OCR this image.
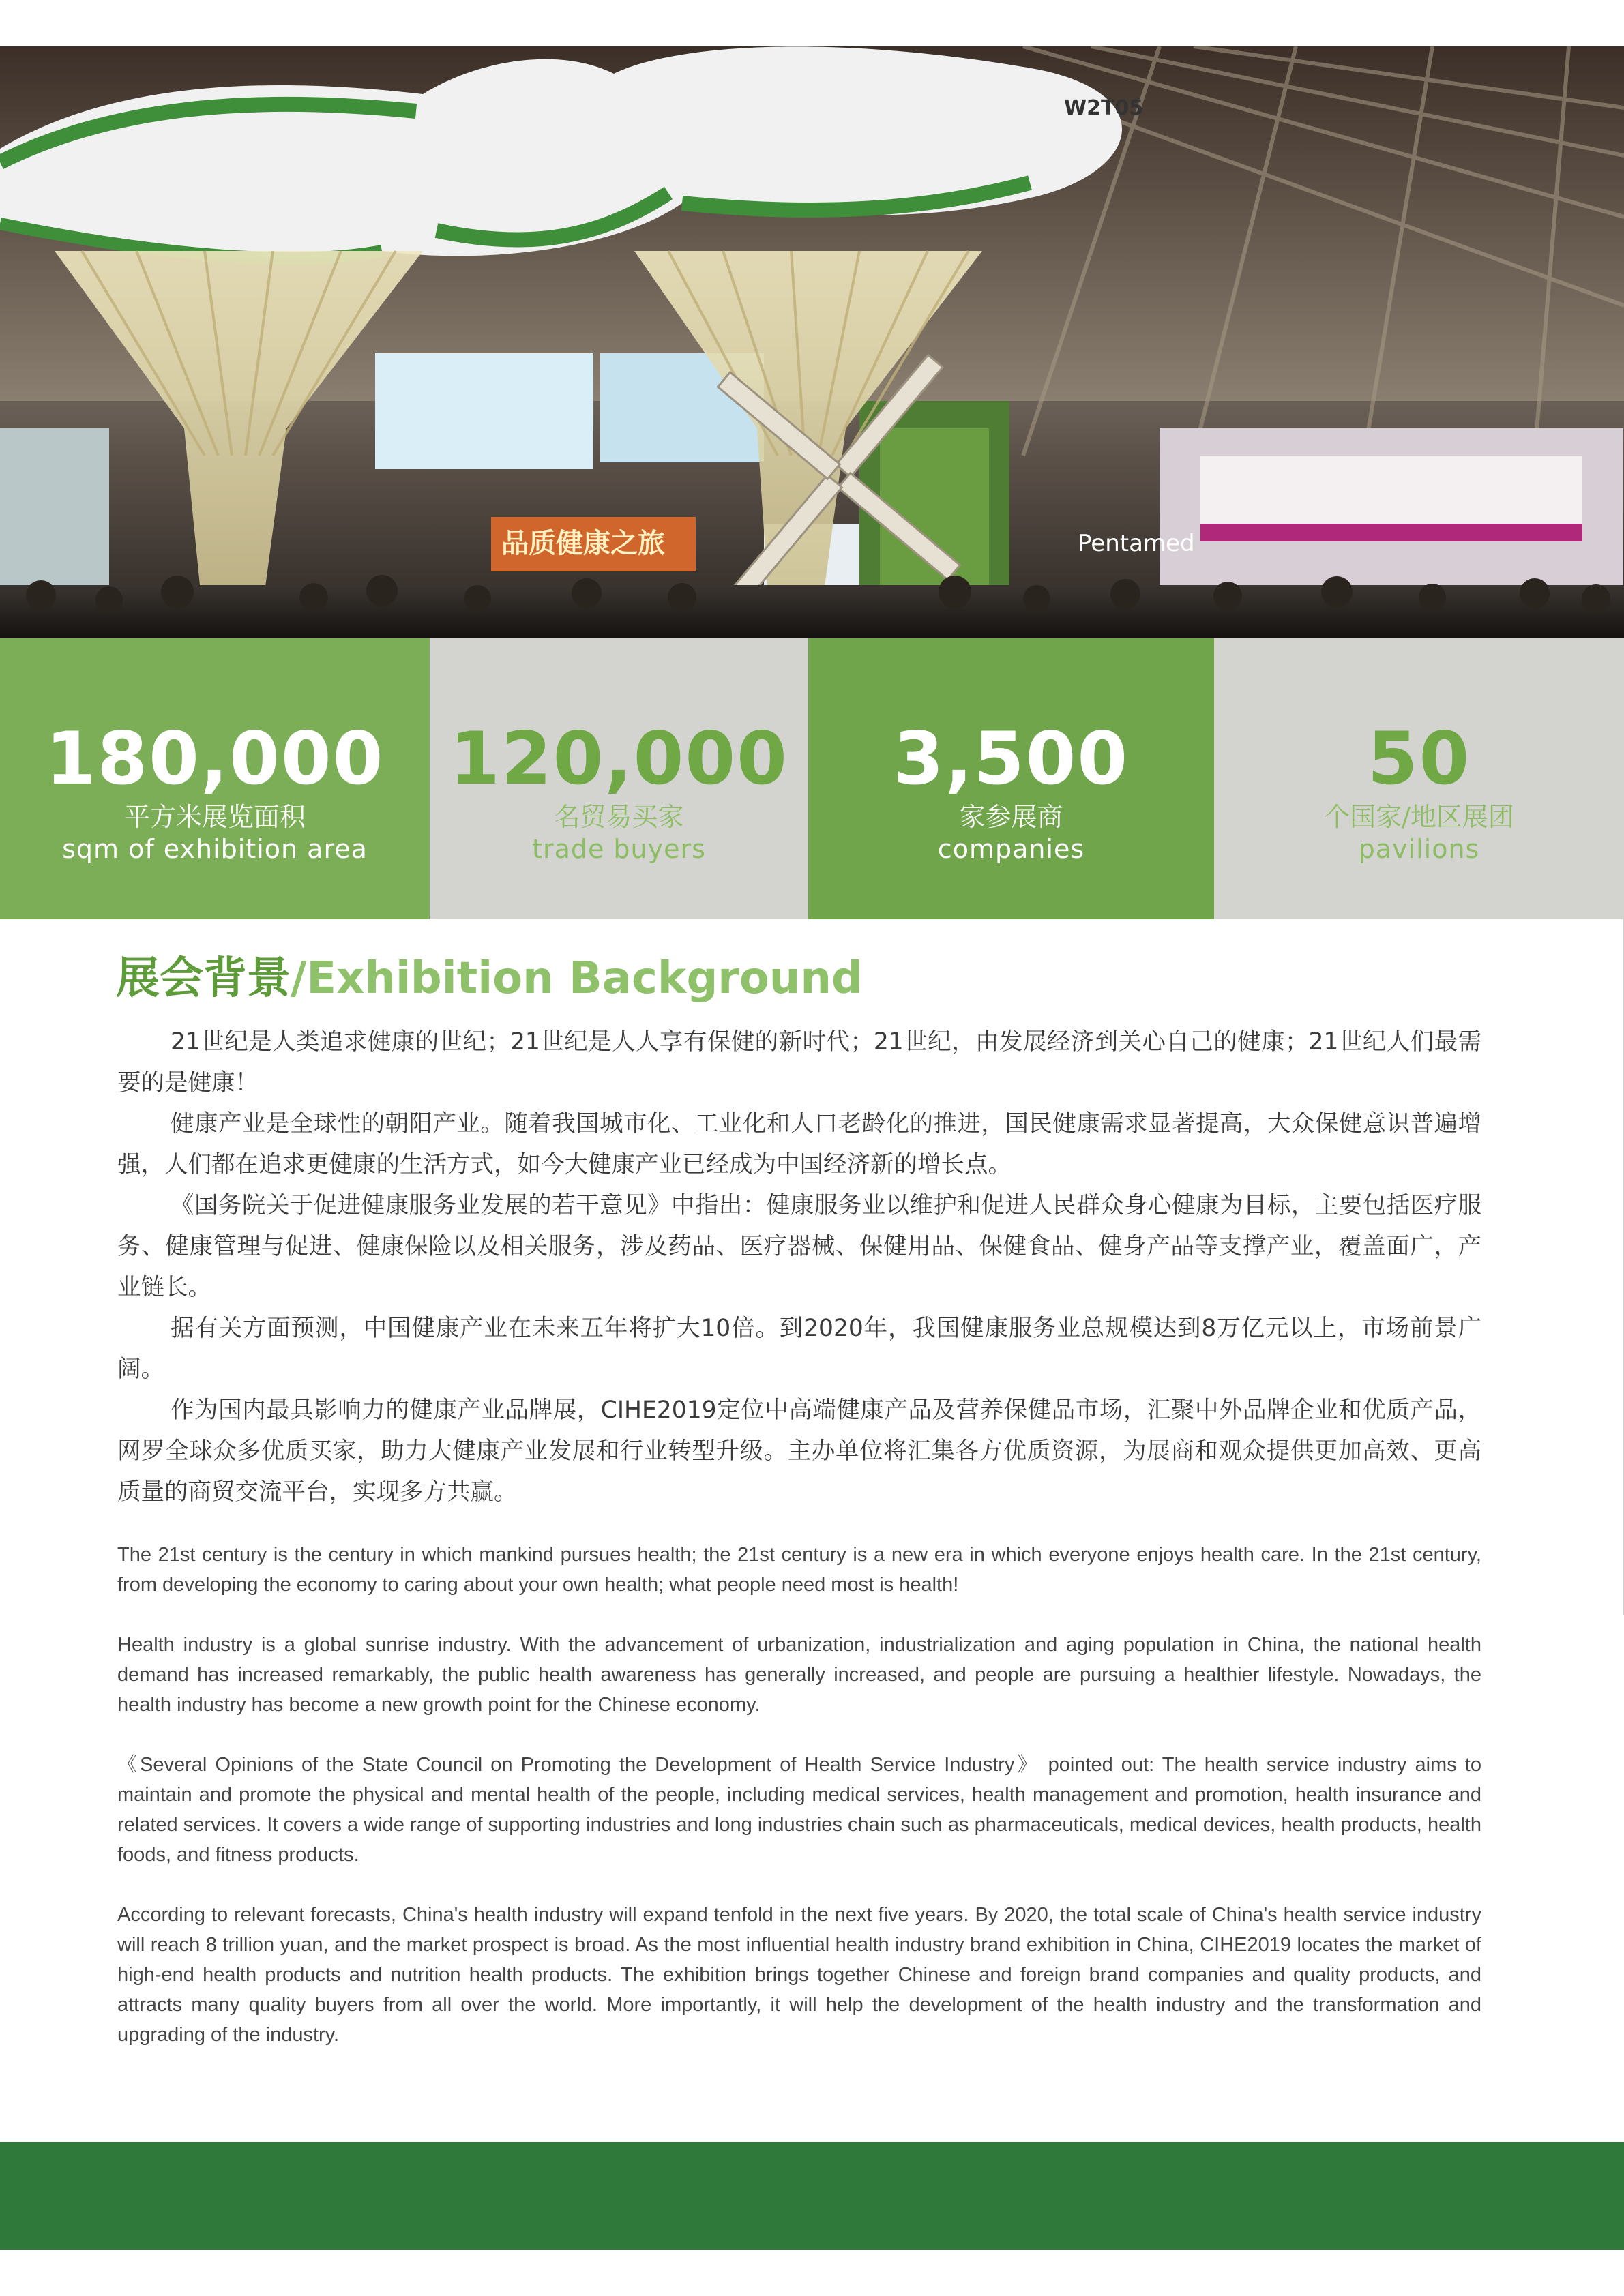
W2T05
品质健康之旅	Pentamed
180,000
平方米展览面积
sqm of exhibition area
120,000
名贸易买家
trade buyers
3,500
家参展商
companies
50
个国家/地区展团
pavilions
展会背景/Exhibition Background

21世纪是人类追求健康的世纪；21世纪是人人享有保健的新时代；21世纪，由发展经济到关心自己的健康；21世纪人们最需要的是健康！

健康产业是全球性的朝阳产业。随着我国城市化、工业化和人口老龄化的推进，国民健康需求显著提高，大众保健意识普遍增强，人们都在追求更健康的生活方式，如今大健康产业已经成为中国经济新的增长点。

《国务院关于促进健康服务业发展的若干意见》中指出：健康服务业以维护和促进人民群众身心健康为目标，主要包括医疗服务、健康管理与促进、健康保险以及相关服务，涉及药品、医疗器械、保健用品、保健食品、健身产品等支撑产业，覆盖面广，产业链长。

据有关方面预测，中国健康产业在未来五年将扩大10倍。到2020年，我国健康服务业总规模达到8万亿元以上，市场前景广阔。

作为国内最具影响力的健康产业品牌展，CIHE2019定位中高端健康产品及营养保健品市场，汇聚中外品牌企业和优质产品，网罗全球众多优质买家，助力大健康产业发展和行业转型升级。主办单位将汇集各方优质资源，为展商和观众提供更加高效、更高质量的商贸交流平台，实现多方共赢。

The 21st century is the century in which mankind pursues health; the 21st century is a new era in which everyone enjoys health care. In the 21st century, from developing the economy to caring about your own health; what people need most is health!

Health industry is a global sunrise industry. With the advancement of urbanization, industrialization and aging population in China, the national health demand has increased remarkably, the public health awareness has generally increased, and people are pursuing a healthier lifestyle. Nowadays, the health industry has become a new growth point for the Chinese economy.

《Several Opinions of the State Council on Promoting the Development of Health Service Industry》 pointed out: The health service industry aims to maintain and promote the physical and mental health of the people, including medical services, health management and promotion, health insurance and related services. It covers a wide range of supporting industries and long industries chain such as pharmaceuticals, medical devices, health products, health foods, and fitness products.

According to relevant forecasts, China's health industry will expand tenfold in the next five years. By 2020, the total scale of China's health service industry will reach 8 trillion yuan, and the market prospect is broad. As the most influential health industry brand exhibition in China, CIHE2019 locates the market of high-end health products and nutrition health products. The exhibition brings together Chinese and foreign brand companies and quality products, and attracts many quality buyers from all over the world. More importantly, it will help the development of the health industry and the transformation and upgrading of the industry.
